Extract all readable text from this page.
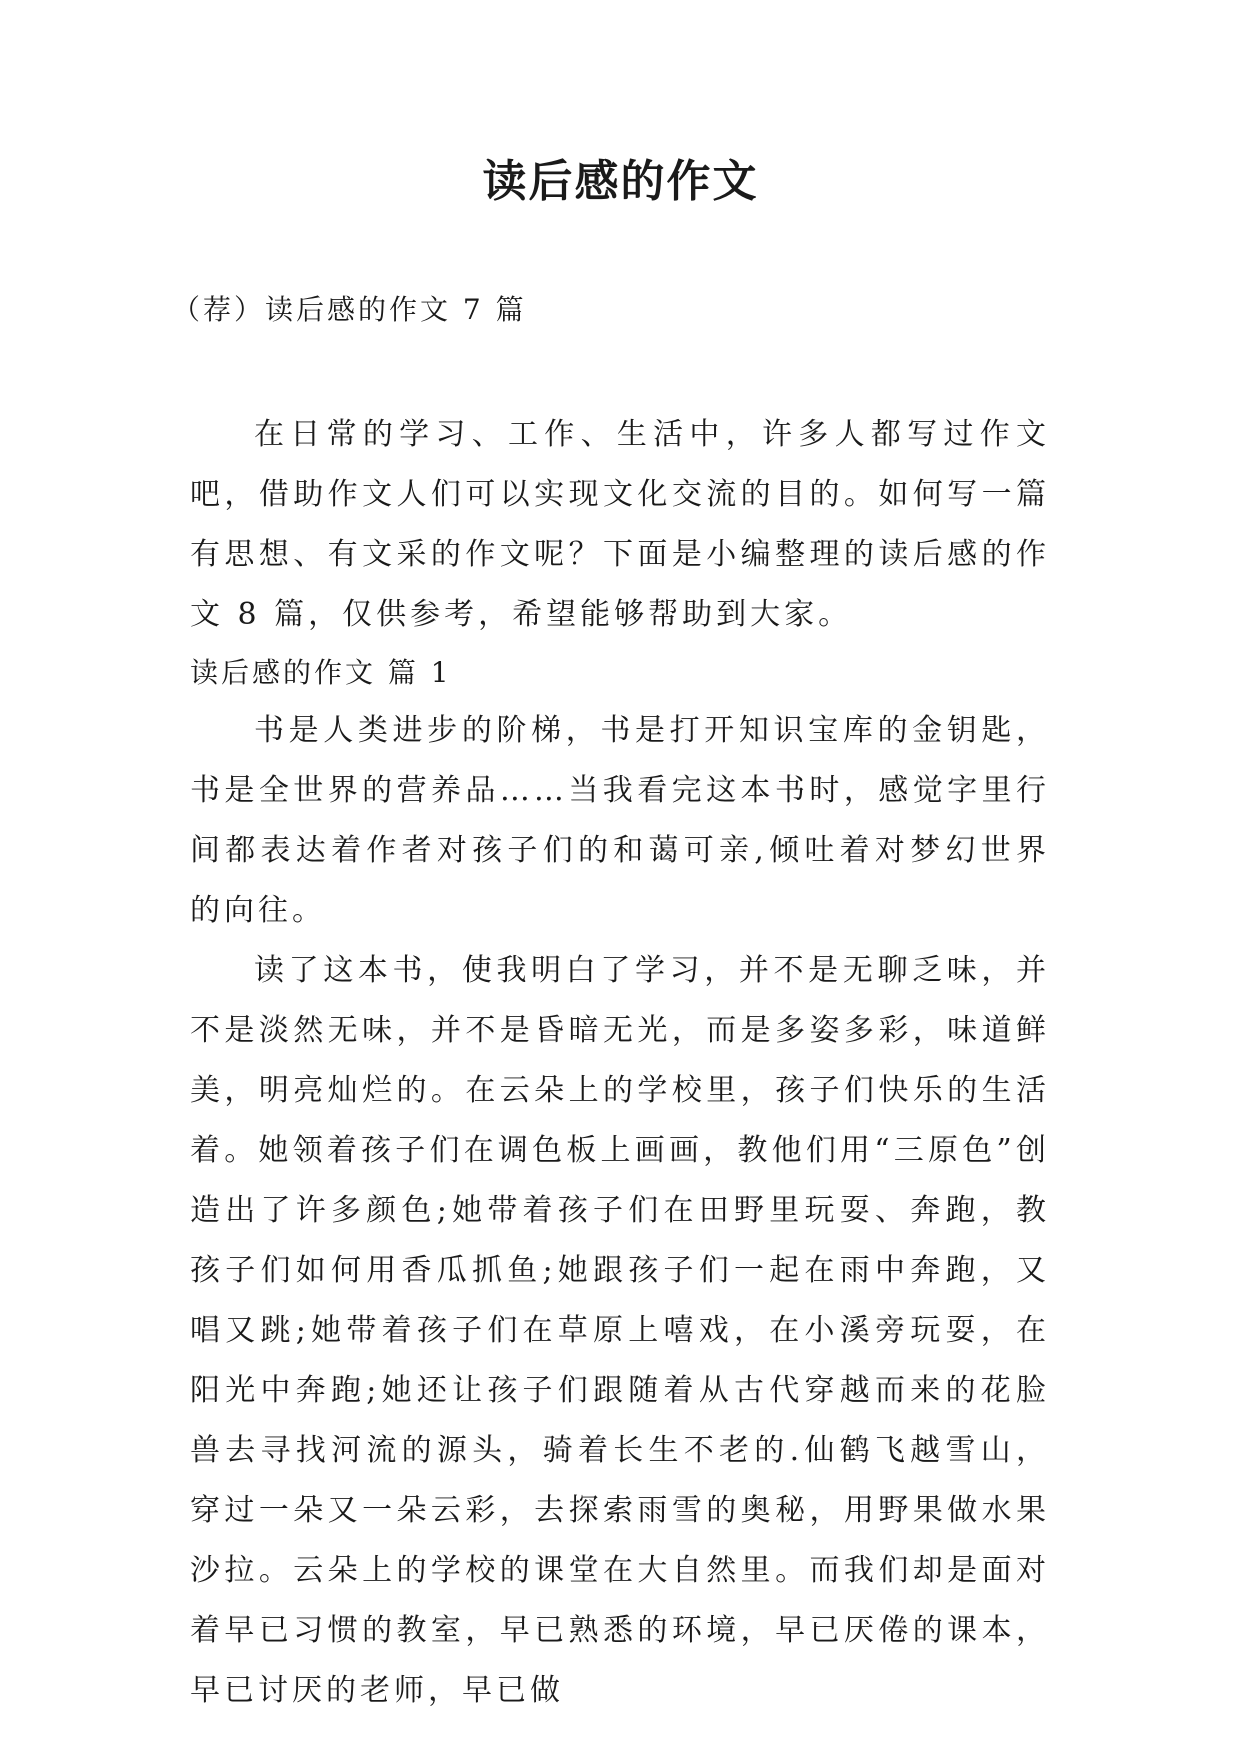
读后感的作文

（荐）读后感的作文 7 篇

在日常的学习、工作、生活中，许多人都写过作文吧，借助作文人们可以实现文化交流的目的。如何写一篇有思想、有文采的作文呢？下面是小编整理的读后感的作文 8 篇，仅供参考，希望能够帮助到大家。

读后感的作文 篇 1

书是人类进步的阶梯，书是打开知识宝库的金钥匙，书是全世界的营养品……当我看完这本书时，感觉字里行间都表达着作者对孩子们的和蔼可亲,倾吐着对梦幻世界的向往。

读了这本书，使我明白了学习，并不是无聊乏味，并不是淡然无味，并不是昏暗无光，而是多姿多彩，味道鲜美，明亮灿烂的。在云朵上的学校里，孩子们快乐的生活着。她领着孩子们在调色板上画画，教他们用“三原色”创造出了许多颜色;她带着孩子们在田野里玩耍、奔跑，教孩子们如何用香瓜抓鱼;她跟孩子们一起在雨中奔跑，又唱又跳;她带着孩子们在草原上嘻戏，在小溪旁玩耍，在阳光中奔跑;她还让孩子们跟随着从古代穿越而来的花脸兽去寻找河流的源头，骑着长生不老的.仙鹤飞越雪山，穿过一朵又一朵云彩，去探索雨雪的奥秘，用野果做水果沙拉。云朵上的学校的课堂在大自然里。而我们却是面对着早已习惯的教室，早已熟悉的环境，早已厌倦的课本，早已讨厌的老师，早已做
